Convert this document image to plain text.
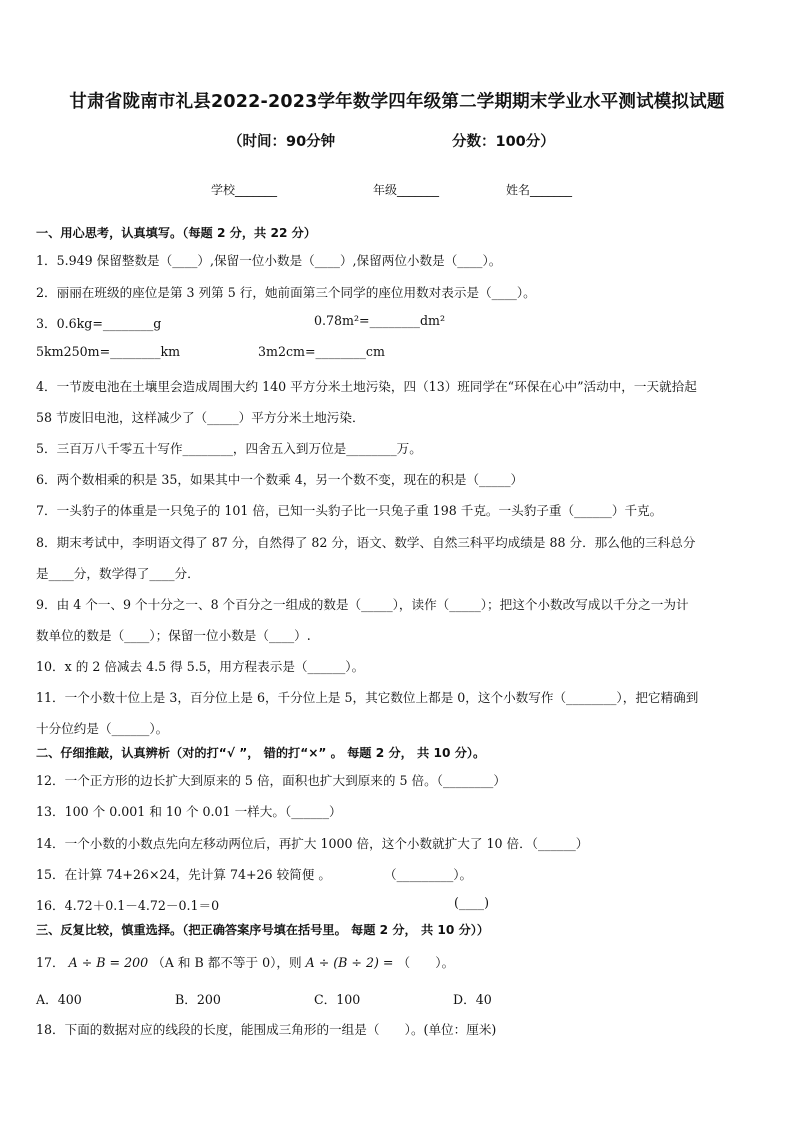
甘肃省陇南市礼县2022-2023学年数学四年级第二学期期末学业水平测试模拟试题
（时间：90分钟	分数：100分）
学校_______	年级_______	姓名_______
一、用心思考，认真填写。（每题 2 分，共 22 分）
1．5.949 保留整数是（____）,保留一位小数是（____）,保留两位小数是（____）。
2．丽丽在班级的座位是第 3 列第 5 行，她前面第三个同学的座位用数对表示是（____）。
3．0.6kg=________g	0.78m²=________dm²
5km250m=________km	3m2cm=________cm
4．一节废电池在土壤里会造成周围大约 140 平方分米土地污染，四（13）班同学在“环保在心中”活动中，一天就拾起
58 节废旧电池，这样减少了（_____）平方分米土地污染．
5．三百万八千零五十写作________，四舍五入到万位是________万。
6．两个数相乘的积是 35，如果其中一个数乘 4，另一个数不变，现在的积是（_____）
7．一头豹子的体重是一只兔子的 101 倍，已知一头豹子比一只兔子重 198 千克。一头豹子重（______）千克。
8．期末考试中，李明语文得了 87 分，自然得了 82 分，语文、数学、自然三科平均成绩是 88 分．那么他的三科总分
是____分，数学得了____分．
9．由 4 个一、9 个十分之一、8 个百分之一组成的数是（_____），读作（_____）；把这个小数改写成以千分之一为计
数单位的数是（____）；保留一位小数是（____）.
10．x 的 2 倍减去 4.5 得 5.5，用方程表示是（______）。
11．一个小数十位上是 3，百分位上是 6，千分位上是 5，其它数位上都是 0，这个小数写作（________），把它精确到
十分位约是（______）。
二、仔细推敲，认真辨析（对的打“√ ”， 错的打“×” 。 每题 2 分， 共 10 分）。
12．一个正方形的边长扩大到原来的 5 倍，面积也扩大到原来的 5 倍。（________）
13．100 个 0.001 和 10 个 0.01 一样大。（______）
14．一个小数的小数点先向左移动两位后，再扩大 1000 倍，这个小数就扩大了 10 倍．（______）
15．在计算 74+26×24，先计算 74+26 较简便 。	（_________）。
16．4.72＋0.1－4.72－0.1＝0	(____)
三、反复比较，慎重选择。（把正确答案序号填在括号里。 每题 2 分， 共 10 分））
17． A ÷ B = 200 （A 和 B 都不等于 0），则 A ÷ (B ÷ 2) = （　　）。
A．400	B．200	C．100	D．40
18．下面的数据对应的线段的长度，能围成三角形的一组是（　　）。(单位：厘米)
